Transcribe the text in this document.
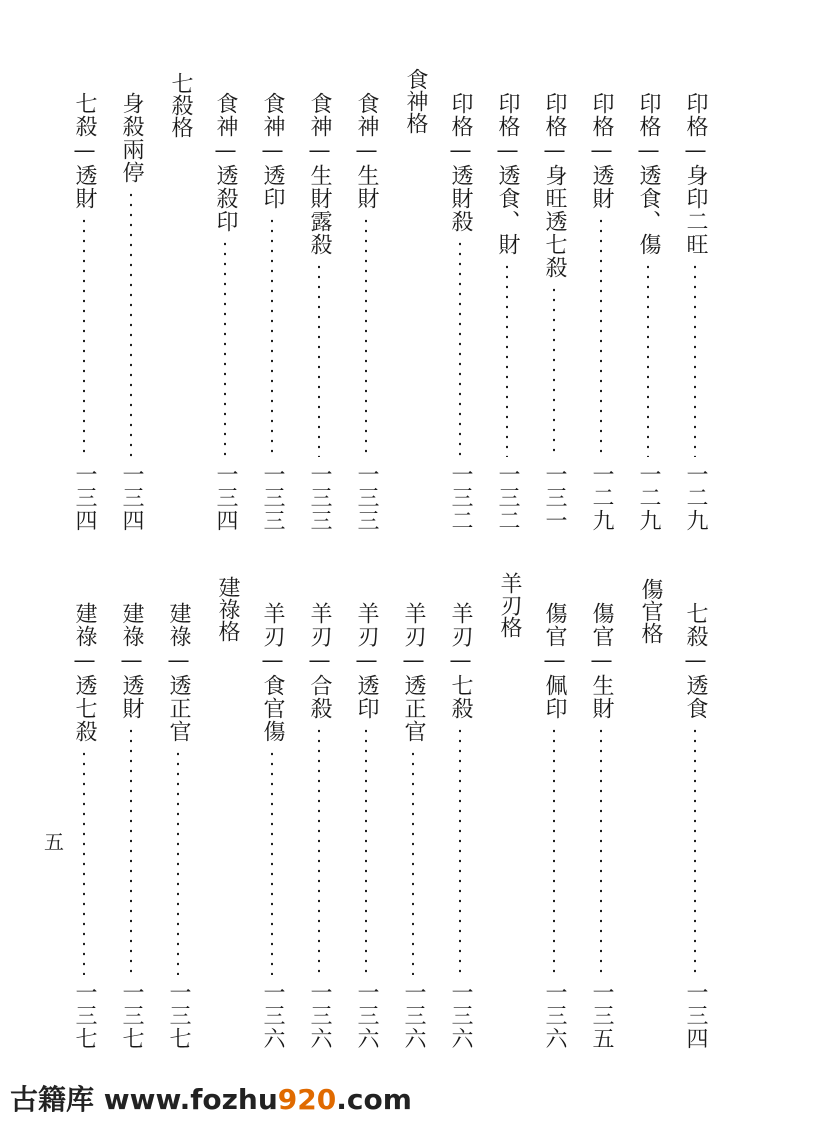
印格—身印二旺
一二九
印格—透食、傷
一二九
印格—透財
一二九
印格—身旺透七殺
一三一
印格—透食、財
一三二
印格—透財殺
一三二
食神格
食神—生財
一三三
食神—生財露殺
一三三
食神—透印
一三三
食神—透殺印
一三四
七殺格
身殺兩停
一三四
七殺—透財
一三四
七殺—透食
一三四
傷官格
傷官—生財
一三五
傷官—佩印
一三六
羊刃格
羊刃—七殺
一三六
羊刃—透正官
一三六
羊刃—透印
一三六
羊刃—合殺
一三六
羊刃—食官傷
一三六
建祿格
建祿—透正官
一三七
建祿—透財
一三七
建祿—透七殺
一三七
五
古籍库 www.fozhu920.com
